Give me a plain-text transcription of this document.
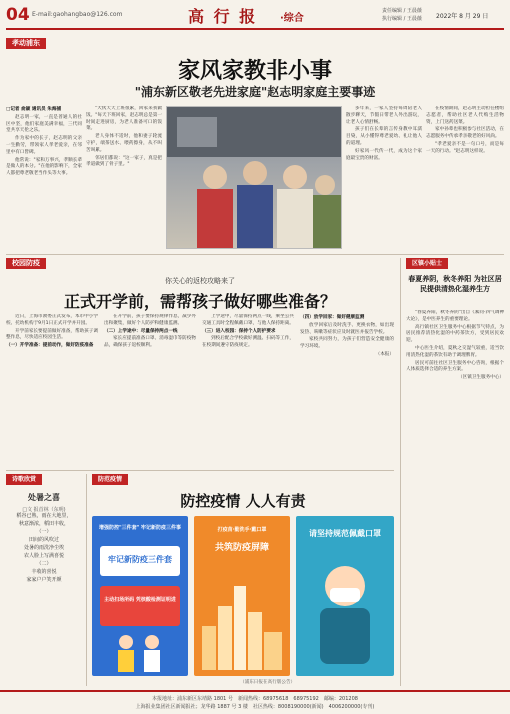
04 E-mail:gaohangbao@126.com	高 行 报 ·综合
责任编辑 / 王晨薇
执行编辑 / 王晨薇 2022年 8 月 29 日
孝动浦东
家风家教非小事
"浦东新区敬老先进家庭"赵志明家庭主要事迹
□记者 俞颖 通讯员 朱海捕
赵志明一家，一直是普通人的社区中坚，他们家庭美满幸福，三代同堂共享天伦之乐。
作为家中的长子，赵志明的父亲一生勤劳，带领家人孝老爱亲，在邻里中有口皆碑。
他常说："家和万事兴，孝顺长辈是做人的本分。"在他的影响下，全家人都把尊老敬老当作头等大事。
"大伙天天上班很累，回家来我做饭。"每天下班回家，赵志明总是第一时间走进厨房，为老人准备可口的饭菜。
老人身体不适时，他和妻子轮流守护，端茶送水、喂药擦身，从不叫苦叫累。
邻居们都说："这一家子，真是把孝道做到了骨子里。"
多年来，一家人坚持每周陪老人散步聊天，节假日带老人外出游玩，让老人心情舒畅。
孩子们在长辈的言传身教中耳濡目染，从小懂得尊老爱幼、礼让他人的道理。
好家风一代传一代，成为这个家庭最宝贵的财富。
在疫情期间，赵志明主动担任楼组志愿者，帮助社区老人代购生活物资，上门送药送菜。
家中孙辈也积极参与社区活动，在志愿服务中传承孝亲敬老的好风尚。
"孝老爱亲不是一句口号，而是每一天的行动。"赵志明这样说。
校园防疫
你关心的返校攻略来了
正式开学前，需帮孩子做好哪些准备？
近日，上海市教委正式发布，本市中小学校、托幼机构于9月1日正式开学并开园。
开学前家长要提前做好准备，帮助孩子调整作息，尽快适应校园生活。
（一）开学准备：提前动作，做好防疫准备
在开学前，孩子要保持规律作息，减少外出和聚集，做好个人防护和健康监测。
（二）上学途中：尽量保持两点一线
家长应提前准备口罩、消毒湿巾等防疫物品，确保孩子返校顺利。
上学途中，尽量保持两点一线，乘坐公共交通工具时全程佩戴口罩，与他人保持距离。
（三）进入校园：保持个人防护要求
到校后配合学校做好测温、扫码等工作，在校期间遵守防疫规定。
（四）放学回家：做好健康监测
放学回家后及时洗手、更换衣物，如出现发热、咳嗽等症状应及时就医并报告学校。
家校共同努力，为孩子们营造安全健康的学习环境。
（本报）
诗歌欣赏
处暑之喜
□文 报首林（东明)
稻谷已熟，雨在大地里，
秋意渐浓，稻田丰收，
（一）
田间的风吹过
处暑的雨洗净尘埃
农人脸上写满喜悦
（二）
丰收的喜悦
家家户户笑开颜
防范疫情
防控疫情 人人有责
增强防控"三件套" 牢记新防疫三件事
牢记新防疫三件套
主动扫场所码 凭核酸检测证明进
打疫苗·勤洗手·戴口罩
共筑防疫屏障
请坚持规范佩戴口罩
（浦东日报在高行版公告）
区镇小贴士
春夏养阴，秋冬养阳 为社区居民提供清热化湿养生方
"春夏养阳，秋冬养阴"出自《素问·四气调神大论》，是中医养生的重要理论。
高行镇社区卫生服务中心根据节气特点，为居民推荐清热化湿的中药茶饮方，受到居民欢迎。
中心医生介绍，夏秋之交湿气较重，适当饮用清热化湿的茶饮有助于调理脾胃。
居民可前往社区卫生服务中心咨询，根据个人体质选择合适的养生方案。
（区镇卫生服务中心）
本报地址：浦东新区东靖路 1801 号　新闻热线：68975618　68975192　邮编：201208
上海报业集团社区新闻报社；龙华路 1887 号 3 楼　社区热线：8008190000(新闻)　4006200000(专刊)
